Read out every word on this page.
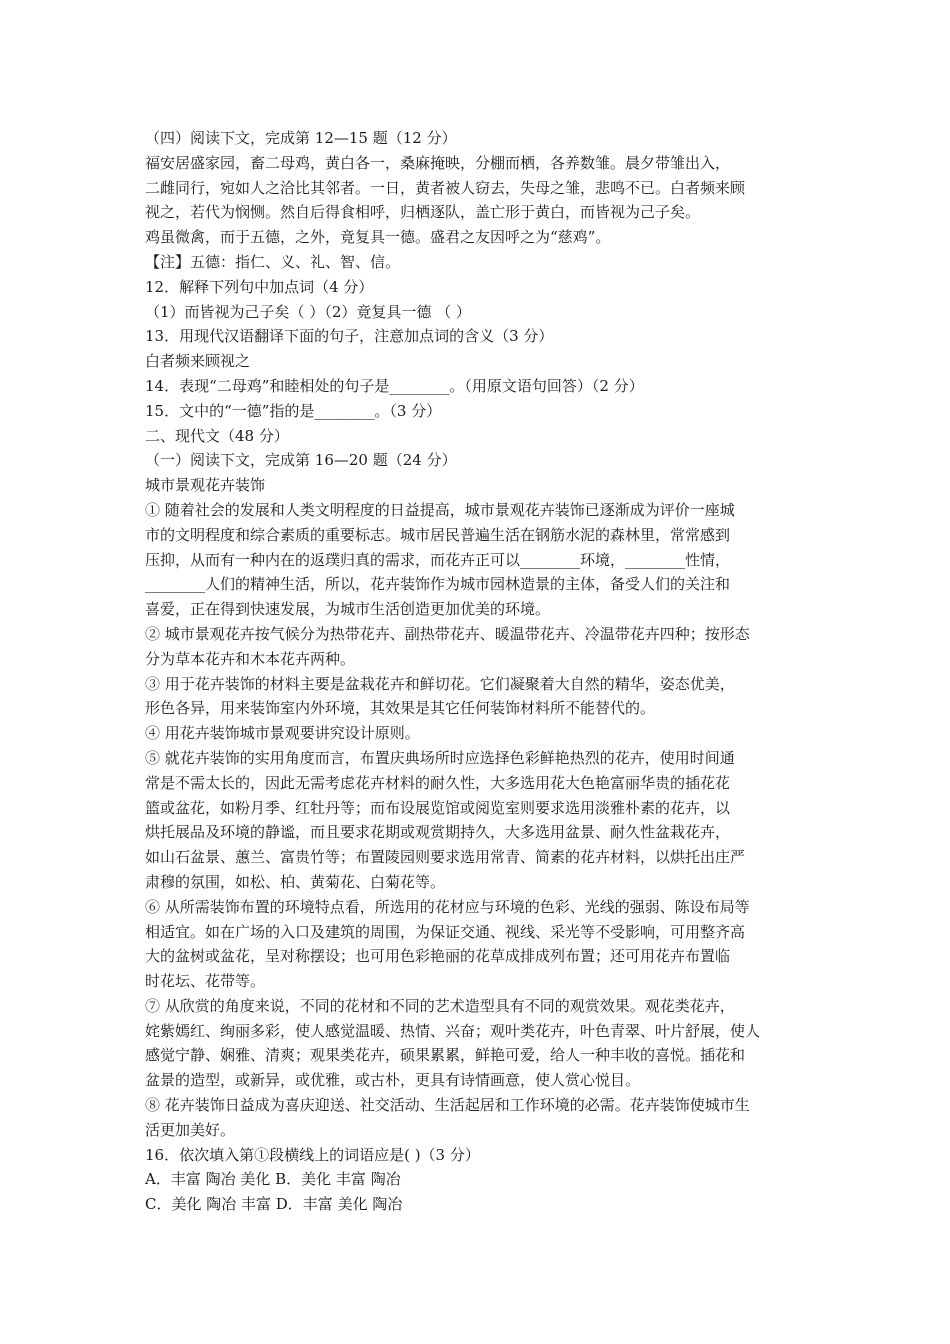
（四）阅读下文，完成第 12—15 题（12 分）
福安居盛家园，畜二母鸡，黄白各一，桑麻掩映，分棚而栖，各养数雏。晨夕带雏出入，
二雌同行，宛如人之洽比其邻者。一日，黄者被人窃去，失母之雏，悲鸣不已。白者频来顾
视之，若代为悯恻。然自后得食相呼，归栖逐队，盖亡形于黄白，而皆视为己子矣。
鸡虽微禽，而于五德，之外，竟复具一德。盛君之友因呼之为“慈鸡”。
【注】五德：指仁、义、礼、智、信。
12．解释下列句中加点词（4 分）
（1）而皆视为己子矣（ ）（2）竟复具一德 （ ）
13．用现代汉语翻译下面的句子，注意加点词的含义（3 分）
白者频来顾视之
14．表现“二母鸡”和睦相处的句子是________。（用原文语句回答）（2 分）
15．文中的“一德”指的是________。（3 分）
二、现代文（48 分）
（一）阅读下文，完成第 16—20 题（24 分）
城市景观花卉装饰
① 随着社会的发展和人类文明程度的日益提高，城市景观花卉装饰已逐渐成为评价一座城
市的文明程度和综合素质的重要标志。城市居民普遍生活在钢筋水泥的森林里，常常感到
压抑，从而有一种内在的返璞归真的需求，而花卉正可以________环境，________性情，
________人们的精神生活，所以，花卉装饰作为城市园林造景的主体，备受人们的关注和
喜爱，正在得到快速发展，为城市生活创造更加优美的环境。
② 城市景观花卉按气候分为热带花卉、副热带花卉、暖温带花卉、冷温带花卉四种；按形态
分为草本花卉和木本花卉两种。
③ 用于花卉装饰的材料主要是盆栽花卉和鲜切花。它们凝聚着大自然的精华，姿态优美，
形色各异，用来装饰室内外环境，其效果是其它任何装饰材料所不能替代的。
④ 用花卉装饰城市景观要讲究设计原则。
⑤ 就花卉装饰的实用角度而言，布置庆典场所时应选择色彩鲜艳热烈的花卉，使用时间通
常是不需太长的，因此无需考虑花卉材料的耐久性，大多选用花大色艳富丽华贵的插花花
篮或盆花，如粉月季、红牡丹等；而布设展览馆或阅览室则要求选用淡雅朴素的花卉，以
烘托展品及环境的静谧，而且要求花期或观赏期持久，大多选用盆景、耐久性盆栽花卉，
如山石盆景、蕙兰、富贵竹等；布置陵园则要求选用常青、简素的花卉材料，以烘托出庄严
肃穆的氛围，如松、柏、黄菊花、白菊花等。
⑥ 从所需装饰布置的环境特点看，所选用的花材应与环境的色彩、光线的强弱、陈设布局等
相适宜。如在广场的入口及建筑的周围，为保证交通、视线、采光等不受影响，可用整齐高
大的盆树或盆花，呈对称摆设；也可用色彩艳丽的花草成排成列布置；还可用花卉布置临
时花坛、花带等。
⑦ 从欣赏的角度来说，不同的花材和不同的艺术造型具有不同的观赏效果。观花类花卉，
姹紫嫣红、绚丽多彩，使人感觉温暖、热情、兴奋；观叶类花卉，叶色青翠、叶片舒展，使人
感觉宁静、娴雅、清爽；观果类花卉，硕果累累，鲜艳可爱，给人一种丰收的喜悦。插花和
盆景的造型，或新异，或优雅，或古朴，更具有诗情画意，使人赏心悦目。
⑧ 花卉装饰日益成为喜庆迎送、社交活动、生活起居和工作环境的必需。花卉装饰使城市生
活更加美好。
16．依次填入第①段横线上的词语应是( )（3 分）
A．丰富 陶冶 美化 B．美化 丰富 陶冶
C．美化 陶冶 丰富 D．丰富 美化 陶冶
